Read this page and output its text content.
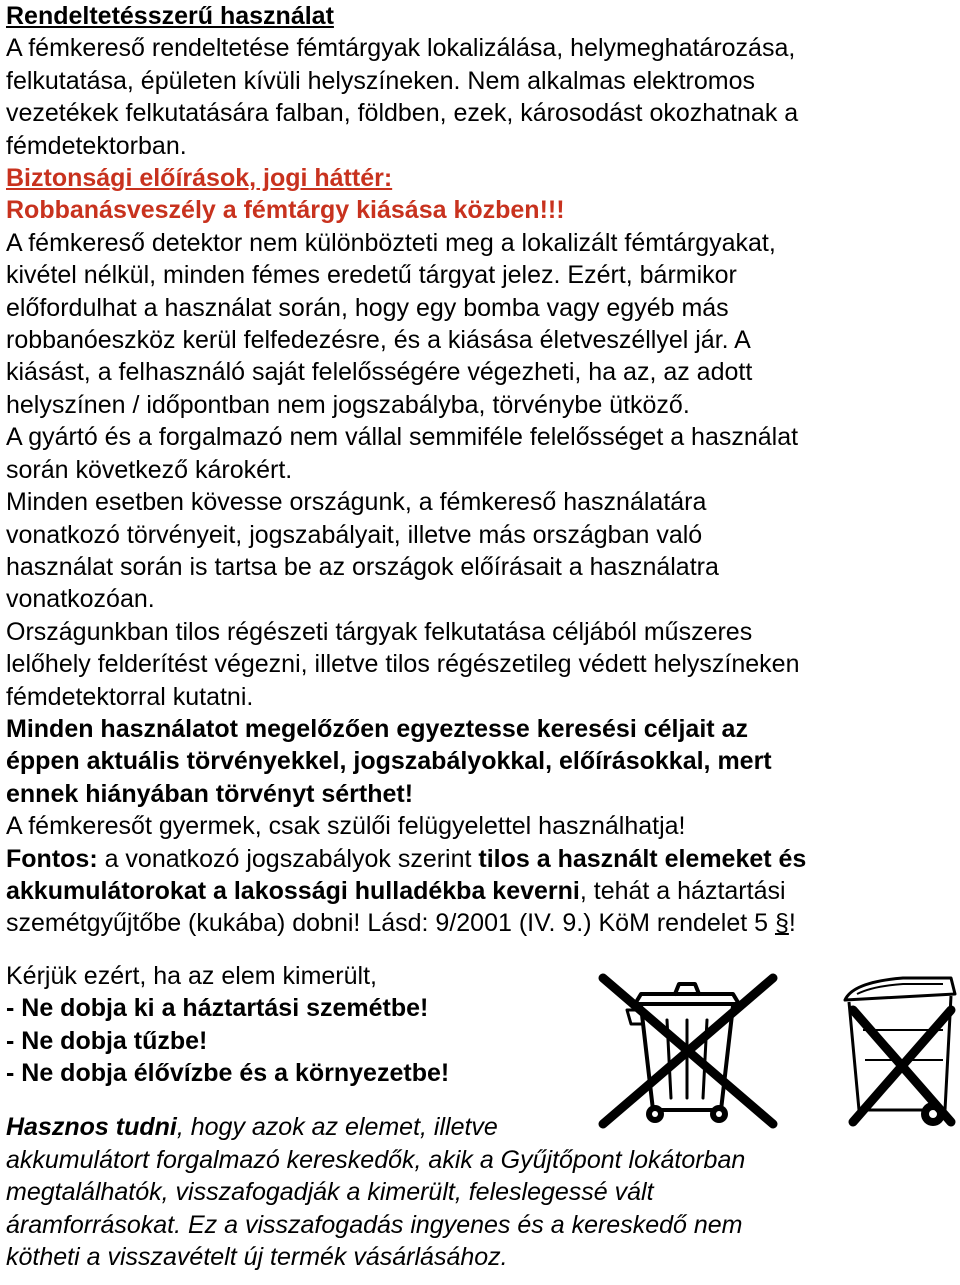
Rendeltetésszerű használat
A fémkereső rendeltetése fémtárgyak lokalizálása, helymeghatározása,
felkutatása, épületen kívüli helyszíneken. Nem alkalmas elektromos
vezetékek felkutatására falban, földben, ezek, károsodást okozhatnak a
fémdetektorban.
Biztonsági előírások, jogi háttér:
Robbanásveszély a fémtárgy kiásása közben!!!
A fémkereső detektor nem különbözteti meg a lokalizált fémtárgyakat,
kivétel nélkül, minden fémes eredetű tárgyat jelez. Ezért, bármikor
előfordulhat a használat során, hogy egy bomba vagy egyéb más
robbanóeszköz kerül felfedezésre, és a kiásása életveszéllyel jár. A
kiásást, a felhasználó saját felelősségére végezheti, ha az, az adott
helyszínen / időpontban nem jogszabályba, törvénybe ütköző.
A gyártó és a forgalmazó nem vállal semmiféle felelősséget a használat
során következő károkért.
Minden esetben kövesse országunk, a fémkereső használatára
vonatkozó törvényeit, jogszabályait, illetve más országban való
használat során is tartsa be az országok előírásait a használatra
vonatkozóan.
Országunkban tilos régészeti tárgyak felkutatása céljából műszeres
lelőhely felderítést végezni, illetve tilos régészetileg védett helyszíneken
fémdetektorral kutatni.
Minden használatot megelőzően egyeztesse keresési céljait az
éppen aktuális törvényekkel, jogszabályokkal, előírásokkal, mert
ennek hiányában törvényt sérthet!
A fémkeresőt gyermek, csak szülői felügyelettel használhatja!
Fontos: a vonatkozó jogszabályok szerint tilos a használt elemeket és
akkumulátorokat a lakossági hulladékba keverni, tehát a háztartási
szemétgyűjtőbe (kukába) dobni! Lásd: 9/2001 (IV. 9.) KöM rendelet 5 §!
Kérjük ezért, ha az elem kimerült,
- Ne dobja ki a háztartási szemétbe!
- Ne dobja tűzbe!
- Ne dobja élővízbe és a környezetbe!
Hasznos tudni, hogy azok az elemet, illetve
akkumulátort forgalmazó kereskedők, akik a Gyűjtőpont lokátorban
megtalálhatók, visszafogadják a kimerült, feleslegessé vált
áramforrásokat. Ez a visszafogadás ingyenes és a kereskedő nem
kötheti a visszavételt új termék vásárlásához.
